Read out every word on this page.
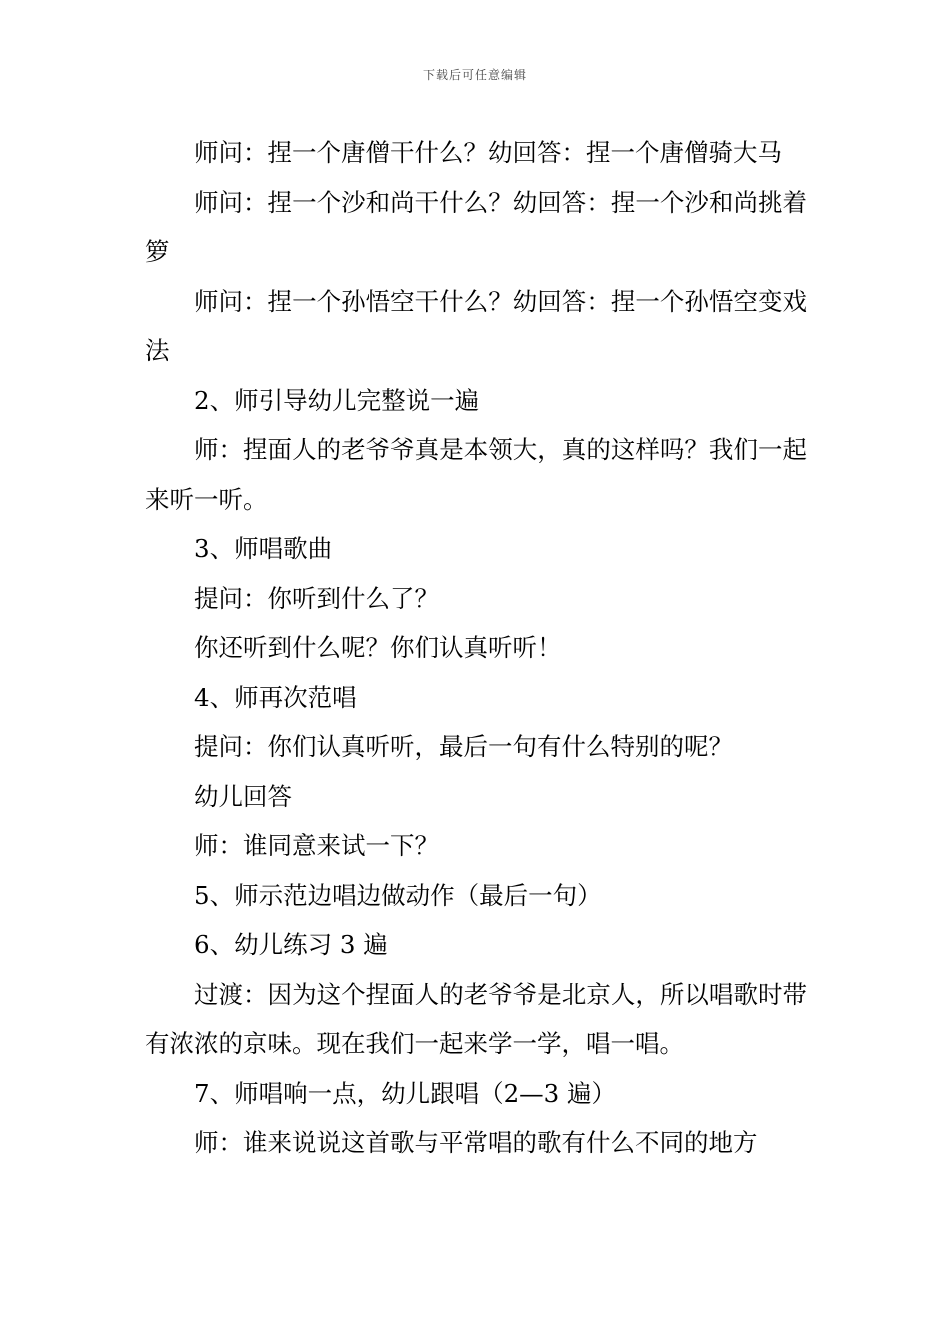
下载后可任意编辑

师问：捏一个唐僧干什么？幼回答：捏一个唐僧骑大马

师问：捏一个沙和尚干什么？幼回答：捏一个沙和尚挑着箩

师问：捏一个孙悟空干什么？幼回答：捏一个孙悟空变戏法

2、师引导幼儿完整说一遍

师：捏面人的老爷爷真是本领大，真的这样吗？我们一起来听一听。

3、师唱歌曲

提问：你听到什么了？

你还听到什么呢？你们认真听听！

4、师再次范唱

提问：你们认真听听，最后一句有什么特别的呢？

幼儿回答

师：谁同意来试一下？

5、师示范边唱边做动作（最后一句）

6、幼儿练习 3 遍

过渡：因为这个捏面人的老爷爷是北京人，所以唱歌时带有浓浓的京味。现在我们一起来学一学，唱一唱。

7、师唱响一点，幼儿跟唱（2—3 遍）

师：谁来说说这首歌与平常唱的歌有什么不同的地方
